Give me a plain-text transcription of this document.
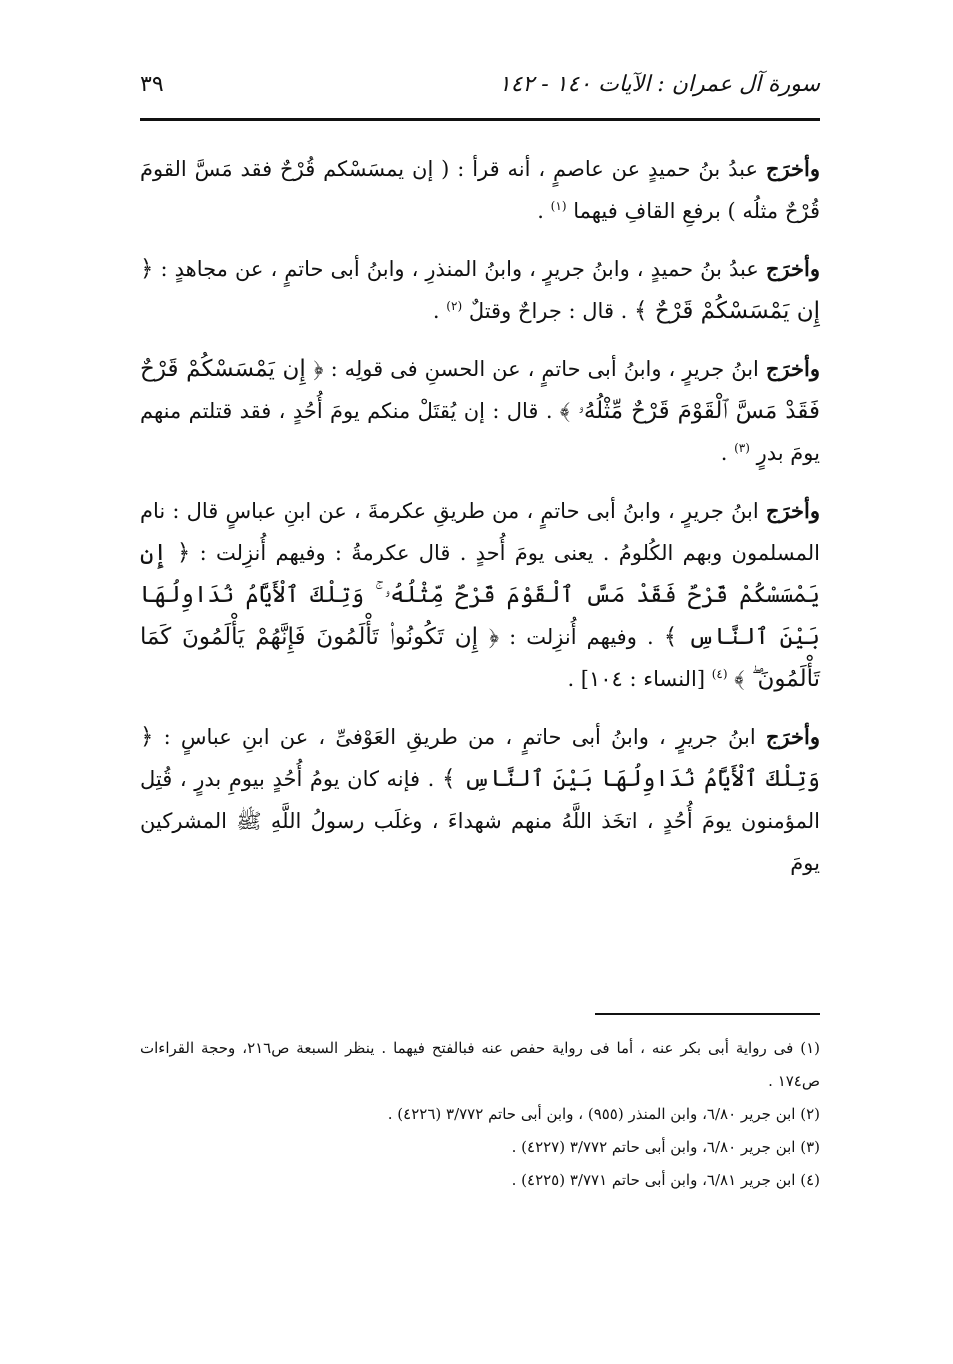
سورة آل عمران : الآيات ١٤٠ - ١٤٢
٣٩

وأخرَج عبدُ بنُ حميدٍ عن عاصمٍ ، أنه قرأ : ( إن يمسَسْكم قُرْحٌ فقد مَسَّ القومَ قُرْحٌ مثلُه ) برفعِ القافِ فيهما $^{(١)}$ .

وأخرَج عبدُ بنُ حميدٍ ، وابنُ جريرٍ ، وابنُ المنذرِ ، وابنُ أبى حاتمٍ ، عن مجاهدٍ : ﴿ إِن يَمْسَسْكُمْ قَرْحٌ ﴾ . قال : جراحٌ وقتلٌ $^{(٢)}$ .

وأخرَج ابنُ جريرٍ ، وابنُ أبى حاتمٍ ، عن الحسنِ فى قولِه : ﴿ إِن يَمْسَسْكُمْ قَرْحٌ فَقَدْ مَسَّ ٱلْقَوْمَ قَرْحٌ مِّثْلُهُۥ ﴾ . قال : إن يُقتَلْ منكم يومَ أُحُدٍ ، فقد قتلتم منهم يومَ بدرٍ $^{(٣)}$ .

وأخرَج ابنُ جريرٍ ، وابنُ أبى حاتمٍ ، من طريقِ عكرمةَ ، عن ابنِ عباسٍ قال : نام المسلمون وبهم الكُلومُ . يعنى يومَ أُحدٍ . قال عكرمةُ : وفيهم أُنزِلت : ﴿ إِن يَمْسَسْكُمْ قَرْحٌ فَقَدْ مَسَّ ٱلْقَوْمَ قَرْحٌ مِّثْلُهُۥ ۚ وَتِلْكَ ٱلْأَيَّامُ نُدَاوِلُهَا بَيْنَ ٱلنَّاسِ ﴾ . وفيهم أُنزِلت : ﴿ إِن تَكُونُوا۟ تَأْلَمُونَ فَإِنَّهُمْ يَأْلَمُونَ كَمَا تَأْلَمُونَ ۖ ﴾ $^{(٤)}$ [النساء : ١٠٤] .

وأخرَج ابنُ جريرٍ ، وابنُ أبى حاتمٍ ، من طريقِ العَوْفىِّ ، عن ابنِ عباسٍ : ﴿ وَتِلْكَ ٱلْأَيَّامُ نُدَاوِلُهَا بَيْنَ ٱلنَّاسِ ﴾ . فإنه كان يومُ أُحُدٍ بيومِ بدرٍ ، قُتِل المؤمنون يومَ أُحُدٍ ، اتخَذ اللَّهُ منهم شهداءَ ، وغلَب رسولُ اللَّهِ ﷺ المشركين يومَ

(١) فى رواية أبى بكر عنه ، أما فى رواية حفص عنه فبالفتح فيهما . ينظر السبعة ص٢١٦، وحجة القراءات ص١٧٤ .

(٢) ابن جرير ٦/٨٠، وابن المنذر (٩٥٥) ، وابن أبى حاتم ٣/٧٧٢ (٤٢٢٦) .

(٣) ابن جرير ٦/٨٠، وابن أبى حاتم ٣/٧٧٢ (٤٢٢٧) .

(٤) ابن جرير ٦/٨١، وابن أبى حاتم ٣/٧٧١ (٤٢٢٥) .
